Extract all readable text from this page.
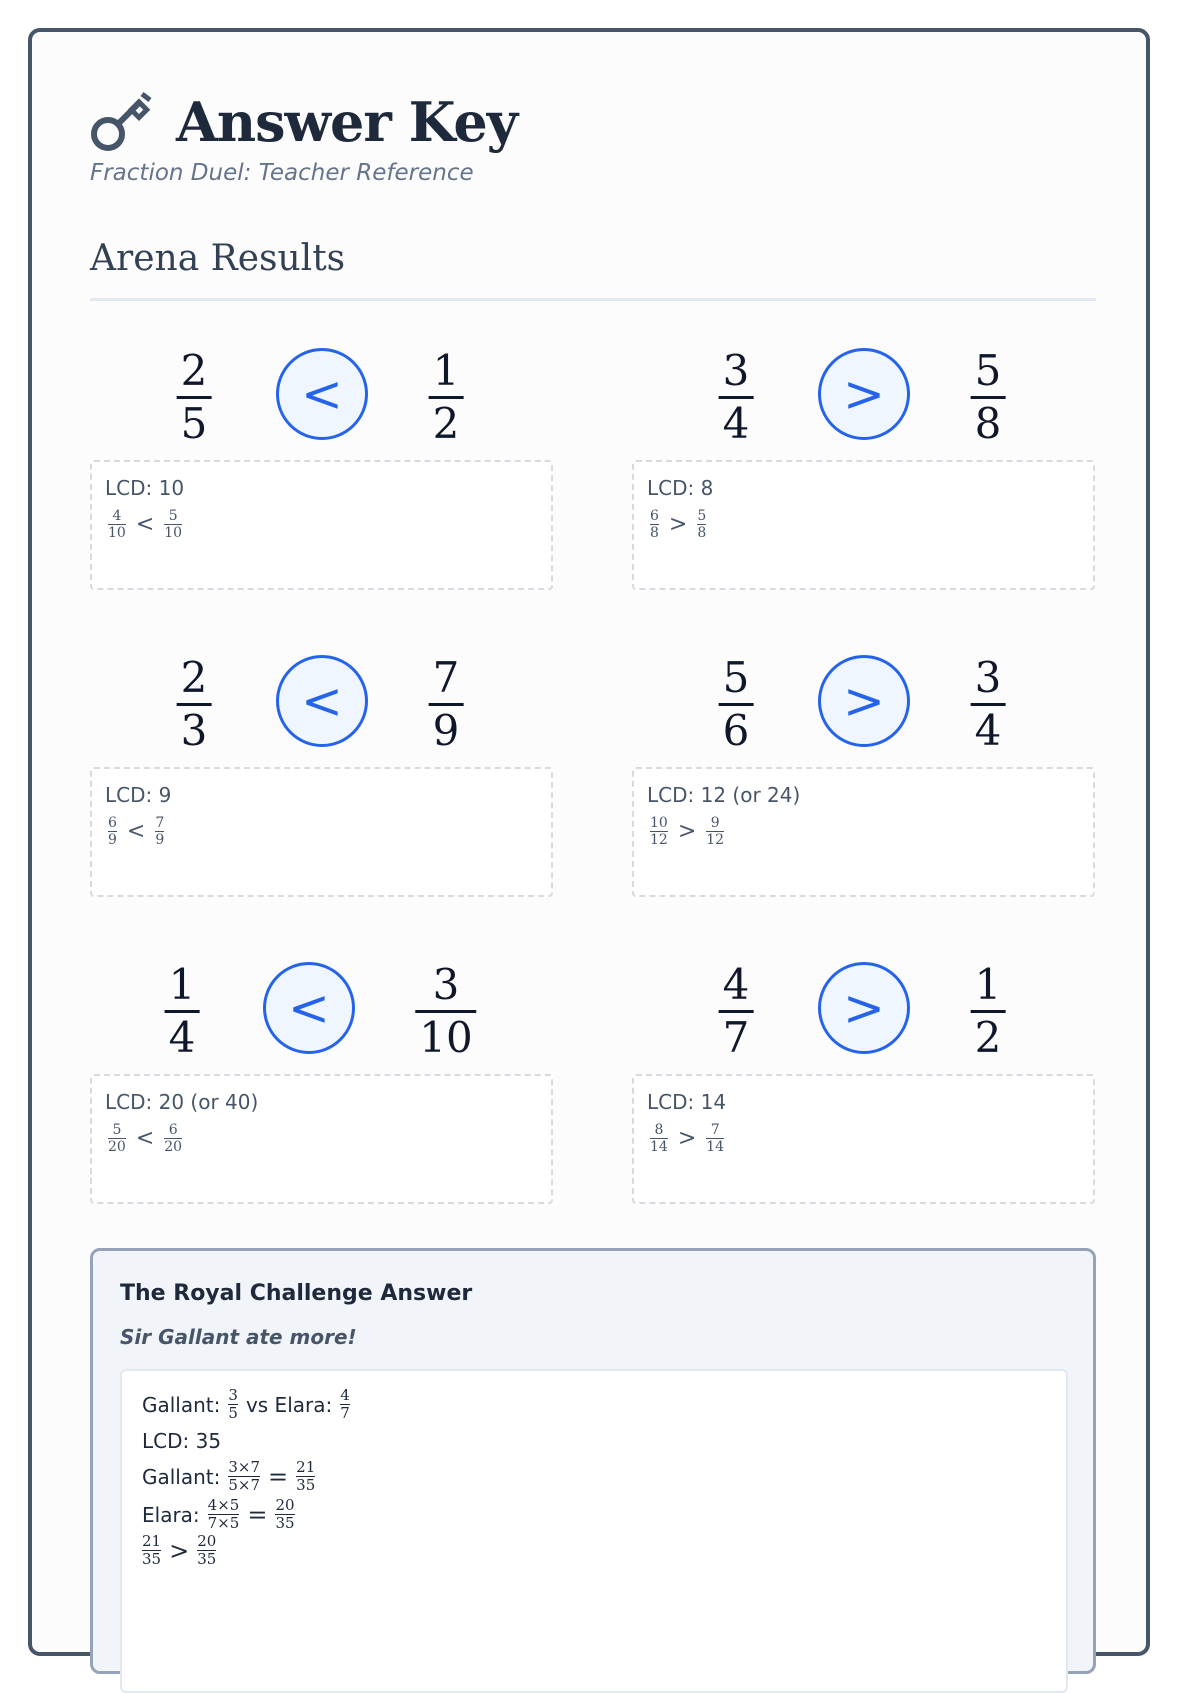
Answer Key
Fraction Duel: Teacher Reference
Arena Results
2
5
<	1
2
LCD: 10
4
10 < 5
10
3
4
>	5
8
LCD: 8
6
8 > 5
8
2
3
<	7
9
LCD: 9
6
9 < 7
9
5
6
>	3
4
LCD: 12 (or 24)
10
12 > 9
12
1
4
<	3
10
LCD: 20 (or 40)
5
20 < 6
20
4
7
>	1
2
LCD: 14
8
14 > 7
14
The Royal Challenge Answer
Sir Gallant ate more!
Gallant: 3
5 vs Elara: 4
7
LCD: 35
Gallant: 3×7
5×7 = 21
35
Elara: 4×5
7×5 = 20
35
21
35 > 20
35
